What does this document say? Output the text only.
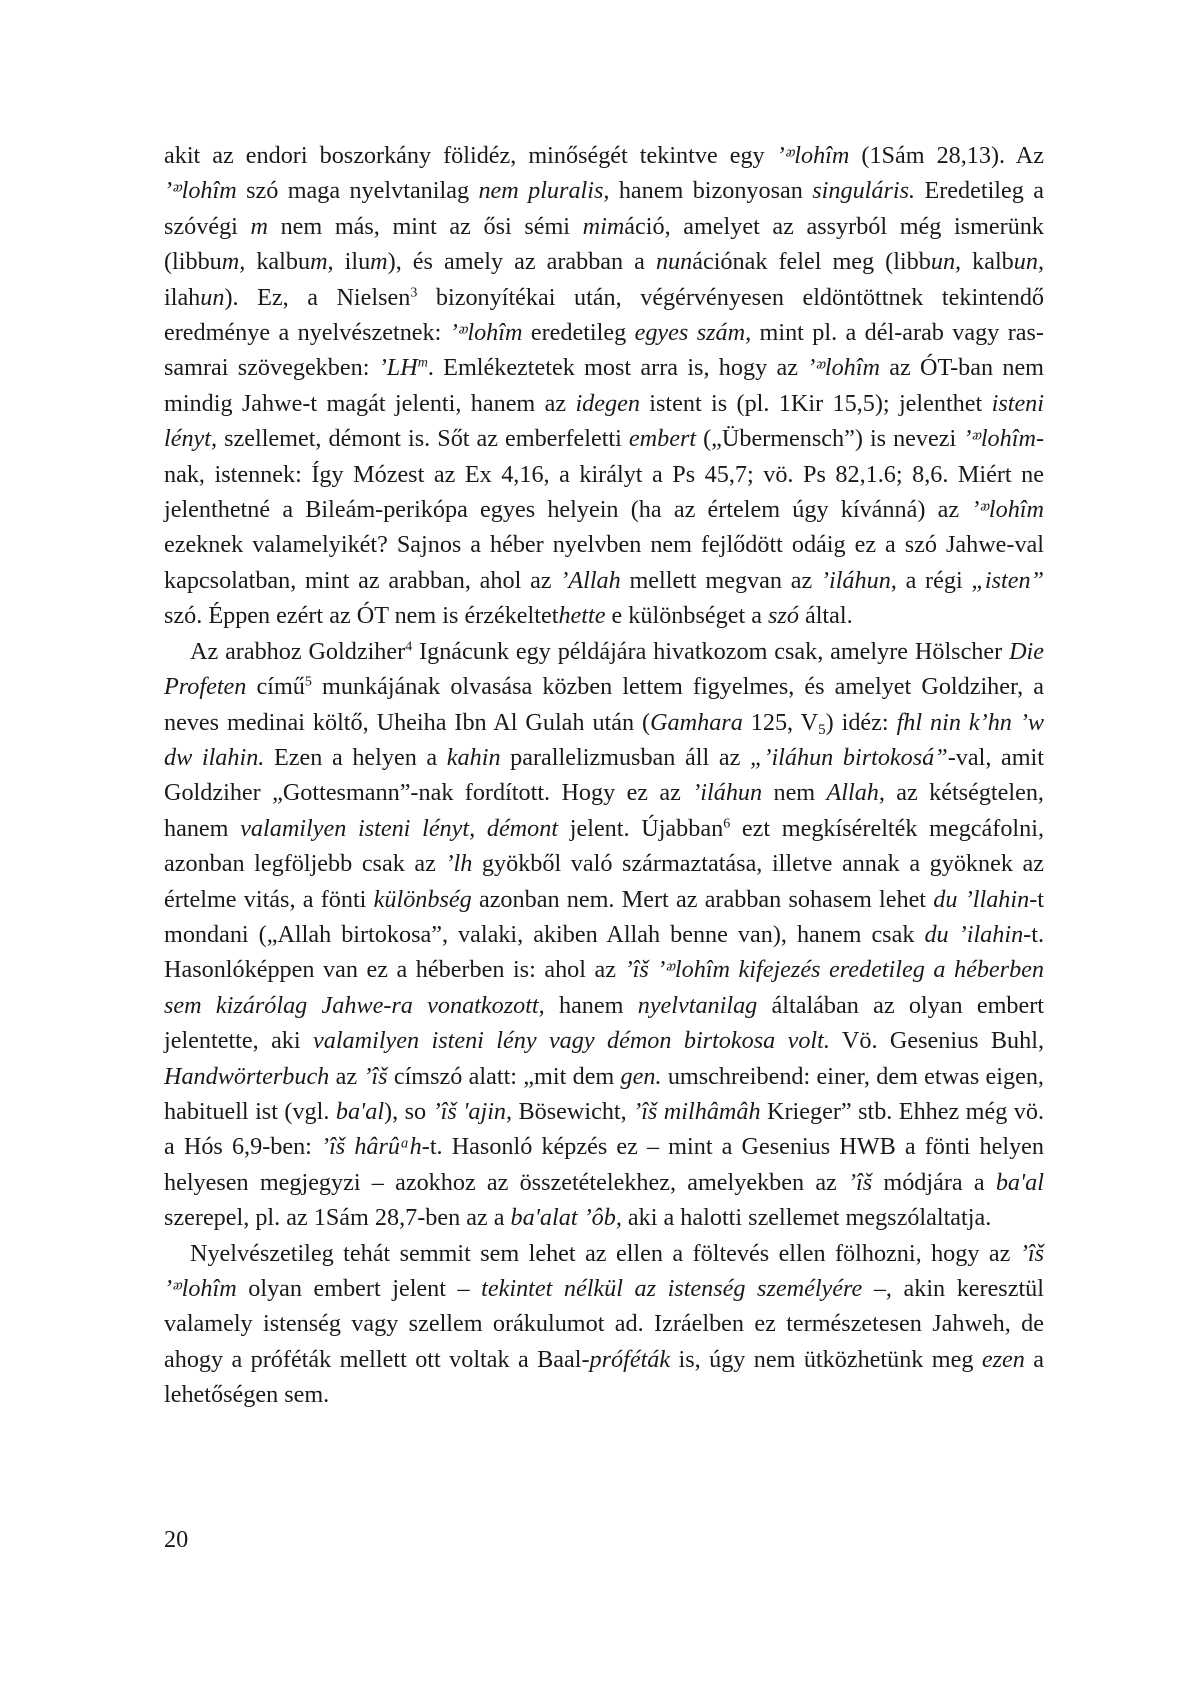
akit az endori boszorkány fölidéz, minőségét tekintve egy ’ᵆlohîm (1Sám 28,13). Az ’ᵆlohîm szó maga nyelvtanilag nem pluralis, hanem bizonyosan singuláris. Eredetileg a szóvégi m nem más, mint az ősi sémi mimáció, amelyet az assyrból még ismerünk (libbum, kalbum, ilum), és amely az arabban a nunációnak felel meg (libbun, kalbun, ilahun). Ez, a Nielsen$^3$ bizonyítékai után, végérvényesen eldöntöttnek tekintendő eredménye a nyelvészetnek: ’ᵆlohîm eredetileg egyes szám, mint pl. a dél-arab vagy ras-samrai szövegekben: $’LH^m$. Emlékeztetek most arra is, hogy az ’ᵆlohîm az ÓT-ban nem mindig Jahwe-t magát jelenti, hanem az idegen istent is (pl. 1Kir 15,5); jelenthet isteni lényt, szellemet, démont is. Sőt az emberfeletti embert („Übermensch”) is nevezi ’ᵆlohîm-nak, istennek: Így Mózest az Ex 4,16, a királyt a Ps 45,7; vö. Ps 82,1.6; 8,6. Miért ne jelenthetné a Bileám-perikópa egyes helyein (ha az értelem úgy kívánná) az ’ᵆlohîm ezeknek valamelyikét? Sajnos a héber nyelvben nem fejlődött odáig ez a szó Jahwe-val kapcsolatban, mint az arabban, ahol az ’Allah mellett megvan az ’iláhun, a régi „isten” szó. Éppen ezért az ÓT nem is érzékeltethette e különbséget a szó által.

Az arabhoz Goldziher$^4$ Ignácunk egy példájára hivatkozom csak, amelyre Hölscher Die Profeten című$^5$ munkájának olvasása közben lettem figyelmes, és amelyet Goldziher, a neves medinai költő, Uheiha Ibn Al Gulah után (Gamhara 125, $V_5$) idéz: fhl nin k’hn ’w dw ilahin. Ezen a helyen a kahin parallelizmusban áll az „’iláhun birtokosá”-val, amit Goldziher „Gottesmann”-nak fordított. Hogy ez az ’iláhun nem Allah, az kétségtelen, hanem valamilyen isteni lényt, démont jelent. Újabban$^6$ ezt megkísérelték megcáfolni, azonban legföljebb csak az ’lh gyökből való származtatása, illetve annak a gyöknek az értelme vitás, a fönti különbség azonban nem. Mert az arabban sohasem lehet du ’llahin-t mondani („Allah birtokosa”, valaki, akiben Allah benne van), hanem csak du ’ilahin-t. Hasonlóképpen van ez a héberben is: ahol az ’îš ’ᵆlohîm kifejezés eredetileg a héberben sem kizárólag Jahwe-ra vonatkozott, hanem nyelvtanilag általában az olyan embert jelentette, aki valamilyen isteni lény vagy démon birtokosa volt. Vö. Gesenius Buhl, Handwörterbuch az ’îš címszó alatt: „mit dem gen. umschreibend: einer, dem etwas eigen, habituell ist (vgl. ba'al), so ’îš 'ajin, Bösewicht, ’îš milhâmâh Krieger” stb. Ehhez még vö. a Hós 6,9-ben: ’îš hârûᵃh-t. Hasonló képzés ez – mint a Gesenius HWB a fönti helyen helyesen megjegyzi – azokhoz az összetételekhez, amelyekben az ’îš módjára a ba'al szerepel, pl. az 1Sám 28,7-ben az a ba'alat ’ôb, aki a halotti szellemet megszólaltatja.

Nyelvészetileg tehát semmit sem lehet az ellen a föltevés ellen fölhozni, hogy az ’îš ’ᵆlohîm olyan embert jelent – tekintet nélkül az istenség személyére –, akin keresztül valamely istenség vagy szellem orákulumot ad. Izráelben ez természetesen Jahweh, de ahogy a próféták mellett ott voltak a Baal-próféták is, úgy nem ütközhetünk meg ezen a lehetőségen sem.

20
